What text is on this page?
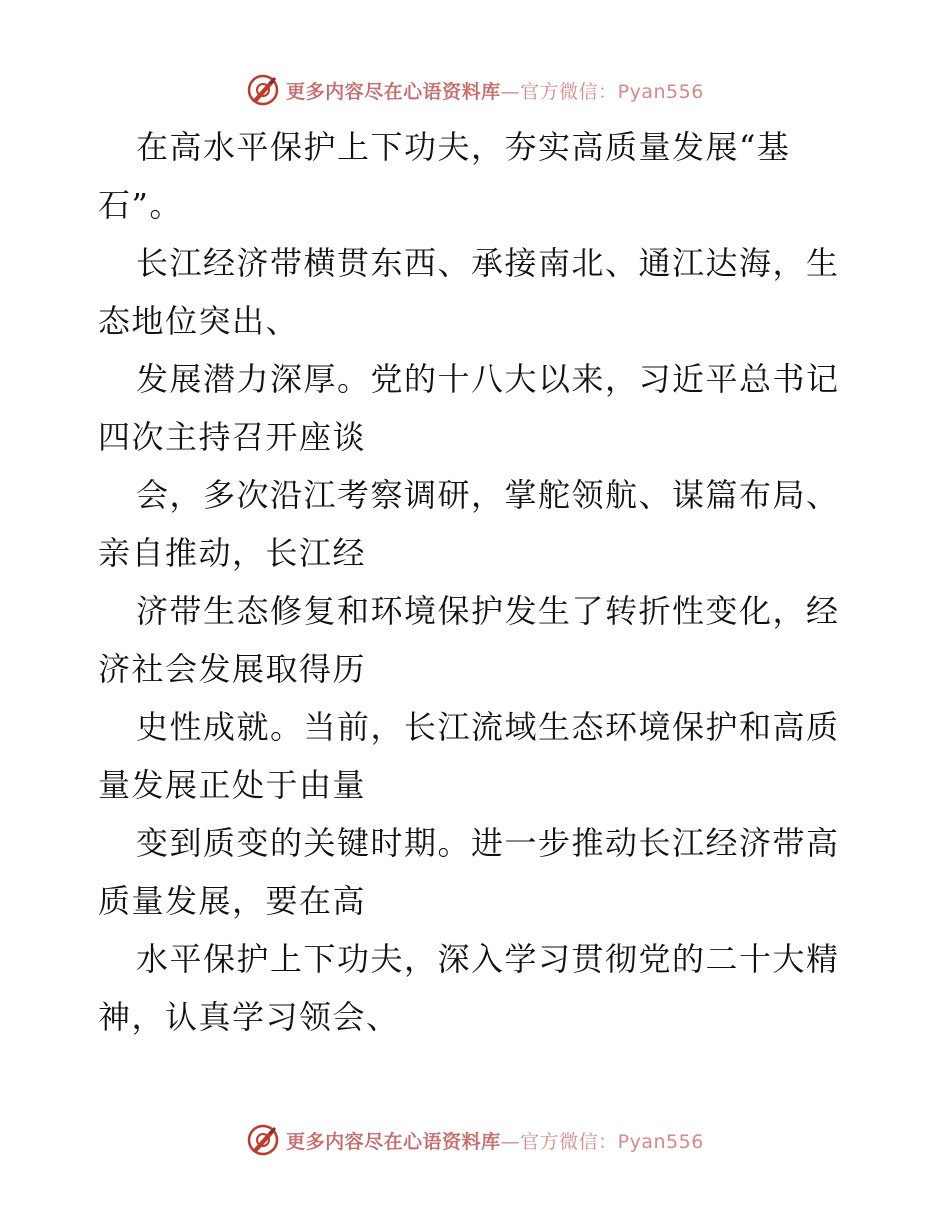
更多内容尽在心语资料库—官方微信：Pyan556
在高水平保护上下功夫，夯实高质量发展“基
石”。
长江经济带横贯东西、承接南北、通江达海，生
态地位突出、
发展潜力深厚。党的十八大以来，习近平总书记
四次主持召开座谈
会，多次沿江考察调研，掌舵领航、谋篇布局、
亲自推动，长江经
济带生态修复和环境保护发生了转折性变化，经
济社会发展取得历
史性成就。当前，长江流域生态环境保护和高质
量发展正处于由量
变到质变的关键时期。进一步推动长江经济带高
质量发展，要在高
水平保护上下功夫，深入学习贯彻党的二十大精
神，认真学习领会、
更多内容尽在心语资料库—官方微信：Pyan556
